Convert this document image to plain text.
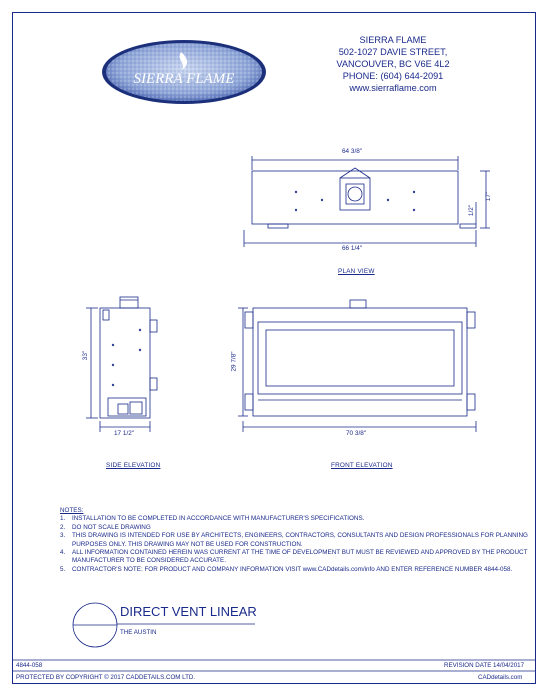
SIERRA FLAME
SIERRA FLAME
502-1027 DAVIE STREET,
VANCOUVER, BC V6E 4L2
PHONE: (604) 644-2091
www.sierraflame.com
64 3/8"
66 1/4"
17"
1/2"
PLAN VIEW
33"
17 1/2"
SIDE ELEVATION
29 7/8"
70 3/8"
FRONT ELEVATION
NOTES:
1.	INSTALLATION TO BE COMPLETED IN ACCORDANCE WITH MANUFACTURER'S SPECIFICATIONS.
2.	DO NOT SCALE DRAWING
3.	THIS DRAWING IS INTENDED FOR USE BY ARCHITECTS, ENGINEERS, CONTRACTORS, CONSULTANTS AND DESIGN PROFESSIONALS FOR PLANNING PURPOSES ONLY. THIS DRAWING MAY NOT BE USED FOR CONSTRUCTION.
4.	ALL INFORMATION CONTAINED HEREIN WAS CURRENT AT THE TIME OF DEVELOPMENT BUT MUST BE REVIEWED AND APPROVED BY THE PRODUCT MANUFACTURER TO BE CONSIDERED ACCURATE.
5.	CONTRACTOR'S NOTE: FOR PRODUCT AND COMPANY INFORMATION VISIT www.CADdetails.com/info AND ENTER REFERENCE NUMBER 4844-058.
DIRECT VENT LINEAR
THE AUSTIN
4844-058	REVISION DATE 14/04/2017
PROTECTED BY COPYRIGHT © 2017 CADDETAILS.COM LTD.	CADdetails.com
